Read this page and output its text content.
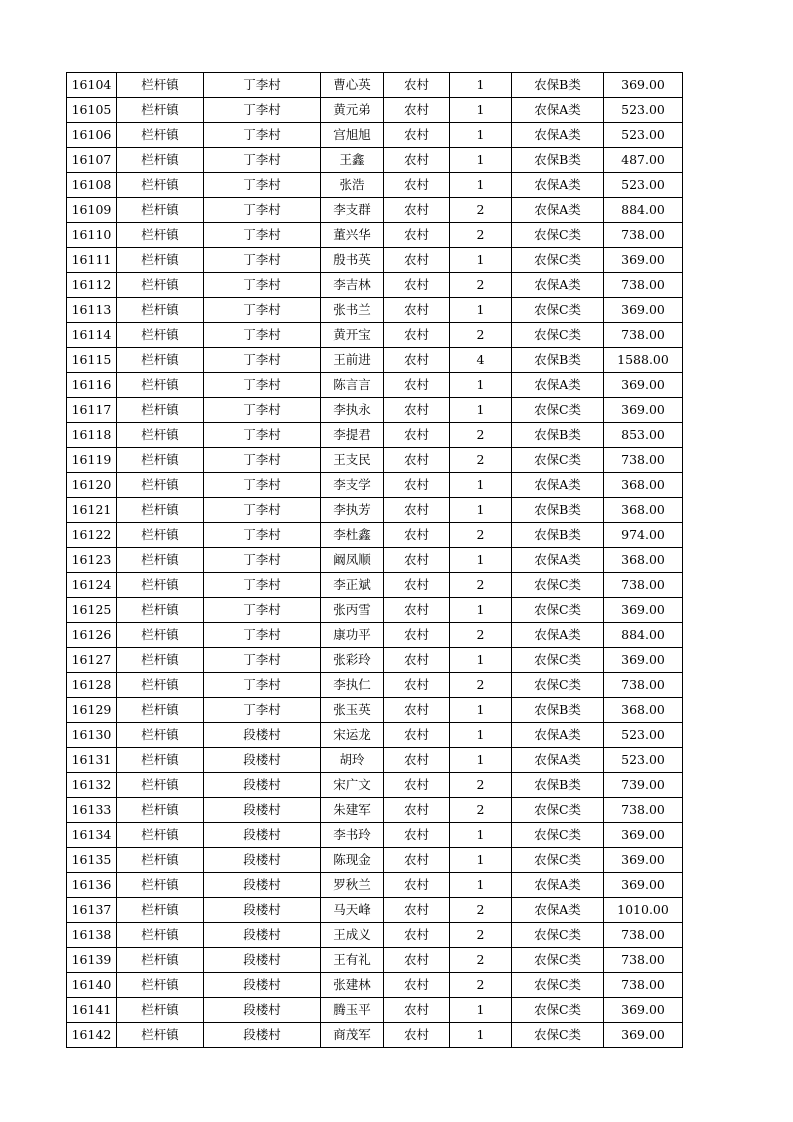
16104	栏杆镇	丁李村	曹心英	农村	1	农保B类	369.00
16105	栏杆镇	丁李村	黄元弟	农村	1	农保A类	523.00
16106	栏杆镇	丁李村	宫旭旭	农村	1	农保A类	523.00
16107	栏杆镇	丁李村	王鑫	农村	1	农保B类	487.00
16108	栏杆镇	丁李村	张浩	农村	1	农保A类	523.00
16109	栏杆镇	丁李村	李支群	农村	2	农保A类	884.00
16110	栏杆镇	丁李村	董兴华	农村	2	农保C类	738.00
16111	栏杆镇	丁李村	殷书英	农村	1	农保C类	369.00
16112	栏杆镇	丁李村	李吉林	农村	2	农保A类	738.00
16113	栏杆镇	丁李村	张书兰	农村	1	农保C类	369.00
16114	栏杆镇	丁李村	黄开宝	农村	2	农保C类	738.00
16115	栏杆镇	丁李村	王前进	农村	4	农保B类	1588.00
16116	栏杆镇	丁李村	陈言言	农村	1	农保A类	369.00
16117	栏杆镇	丁李村	李执永	农村	1	农保C类	369.00
16118	栏杆镇	丁李村	李提君	农村	2	农保B类	853.00
16119	栏杆镇	丁李村	王支民	农村	2	农保C类	738.00
16120	栏杆镇	丁李村	李支学	农村	1	农保A类	368.00
16121	栏杆镇	丁李村	李执芳	农村	1	农保B类	368.00
16122	栏杆镇	丁李村	李杜鑫	农村	2	农保B类	974.00
16123	栏杆镇	丁李村	阚凤顺	农村	1	农保A类	368.00
16124	栏杆镇	丁李村	李正斌	农村	2	农保C类	738.00
16125	栏杆镇	丁李村	张丙雪	农村	1	农保C类	369.00
16126	栏杆镇	丁李村	康功平	农村	2	农保A类	884.00
16127	栏杆镇	丁李村	张彩玲	农村	1	农保C类	369.00
16128	栏杆镇	丁李村	李执仁	农村	2	农保C类	738.00
16129	栏杆镇	丁李村	张玉英	农村	1	农保B类	368.00
16130	栏杆镇	段楼村	宋运龙	农村	1	农保A类	523.00
16131	栏杆镇	段楼村	胡玲	农村	1	农保A类	523.00
16132	栏杆镇	段楼村	宋广文	农村	2	农保B类	739.00
16133	栏杆镇	段楼村	朱建军	农村	2	农保C类	738.00
16134	栏杆镇	段楼村	李书玲	农村	1	农保C类	369.00
16135	栏杆镇	段楼村	陈现金	农村	1	农保C类	369.00
16136	栏杆镇	段楼村	罗秋兰	农村	1	农保A类	369.00
16137	栏杆镇	段楼村	马天峰	农村	2	农保A类	1010.00
16138	栏杆镇	段楼村	王成义	农村	2	农保C类	738.00
16139	栏杆镇	段楼村	王有礼	农村	2	农保C类	738.00
16140	栏杆镇	段楼村	张建林	农村	2	农保C类	738.00
16141	栏杆镇	段楼村	腾玉平	农村	1	农保C类	369.00
16142	栏杆镇	段楼村	商茂军	农村	1	农保C类	369.00
